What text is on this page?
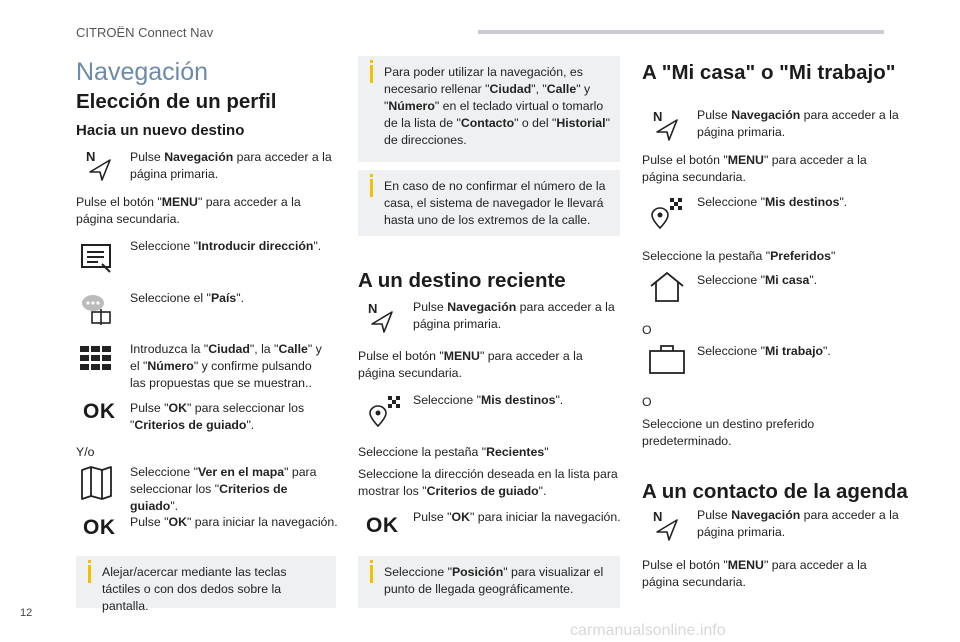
CITROËN Connect Nav
Navegación
Elección de un perfil
Hacia un nuevo destino
N	Pulse Navegación para acceder a la página primaria.
Pulse el botón "MENU" para acceder a la página secundaria.
Seleccione "Introducir dirección".
Seleccione el "País".
Introduzca la "Ciudad", la "Calle" y el "Número" y confirme pulsando las propuestas que se muestran..
OK Pulse "OK" para seleccionar los "Criterios de guiado".
Y/o
Seleccione "Ver en el mapa" para seleccionar los "Criterios de guiado".
OK Pulse "OK" para iniciar la navegación.
Alejar/acercar mediante las teclas táctiles o con dos dedos sobre la pantalla.
Para poder utilizar la navegación, es necesario rellenar "Ciudad", "Calle" y "Número" en el teclado virtual o tomarlo de la lista de "Contacto" o del "Historial" de direcciones.
En caso de no confirmar el número de la casa, el sistema de navegador le llevará hasta uno de los extremos de la calle.
A un destino reciente
N	Pulse Navegación para acceder a la página primaria.
Pulse el botón "MENU" para acceder a la página secundaria.
Seleccione "Mis destinos".
Seleccione la pestaña "Recientes"
Seleccione la dirección deseada en la lista para mostrar los "Criterios de guiado".
OK Pulse "OK" para iniciar la navegación.
Seleccione "Posición" para visualizar el punto de llegada geográficamente.
A "Mi casa" o "Mi trabajo"
N	Pulse Navegación para acceder a la página primaria.
Pulse el botón "MENU" para acceder a la página secundaria.
Seleccione "Mis destinos".
Seleccione la pestaña "Preferidos"
Seleccione "Mi casa".
O
Seleccione "Mi trabajo".
O
Seleccione un destino preferido predeterminado.
A un contacto de la agenda
N	Pulse Navegación para acceder a la página primaria.
Pulse el botón "MENU" para acceder a la página secundaria.
12
carmanualsonline.info
